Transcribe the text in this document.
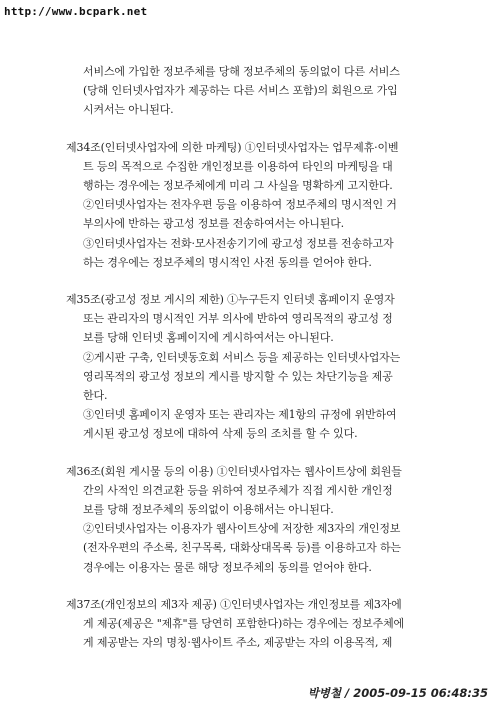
http://www.bcpark.net
서비스에 가입한 정보주체를 당해 정보주체의 동의없이 다른 서비스
(당해 인터넷사업자가 제공하는 다른 서비스 포함)의 회원으로 가입
시켜서는 아니된다.
제34조(인터넷사업자에 의한 마케팅) ①인터넷사업자는 업무제휴·이벤
트 등의 목적으로 수집한 개인정보를 이용하여 타인의 마케팅을 대
행하는 경우에는 정보주체에게 미리 그 사실을 명확하게 고지한다.
②인터넷사업자는 전자우편 등을 이용하여 정보주체의 명시적인 거
부의사에 반하는 광고성 정보를 전송하여서는 아니된다.
③인터넷사업자는 전화·모사전송기기에 광고성 정보를 전송하고자
하는 경우에는 정보주체의 명시적인 사전 동의를 얻어야 한다.
제35조(광고성 정보 게시의 제한) ①누구든지 인터넷 홈페이지 운영자
또는 관리자의 명시적인 거부 의사에 반하여 영리목적의 광고성 정
보를 당해 인터넷 홈페이지에 게시하여서는 아니된다.
②게시판 구축, 인터넷동호회 서비스 등을 제공하는 인터넷사업자는
영리목적의 광고성 정보의 게시를 방지할 수 있는 차단기능을 제공
한다.
③인터넷 홈페이지 운영자 또는 관리자는 제1항의 규정에 위반하여
게시된 광고성 정보에 대하여 삭제 등의 조치를 할 수 있다.
제36조(회원 게시물 등의 이용) ①인터넷사업자는 웹사이트상에 회원들
간의 사적인 의견교환 등을 위하여 정보주체가 직접 게시한 개인정
보를 당해 정보주체의 동의없이 이용해서는 아니된다.
②인터넷사업자는 이용자가 웹사이트상에 저장한 제3자의 개인정보
(전자우편의 주소록, 친구목록, 대화상대목록 등)를 이용하고자 하는
경우에는 이용자는 물론 해당 정보주체의 동의를 얻어야 한다.
제37조(개인정보의 제3자 제공) ①인터넷사업자는 개인정보를 제3자에
게 제공(제공은 "제휴"를 당연히 포함한다)하는 경우에는 정보주체에
게 제공받는 자의 명칭·웹사이트 주소, 제공받는 자의 이용목적, 제
박병철 / 2005-09-15 06:48:35
